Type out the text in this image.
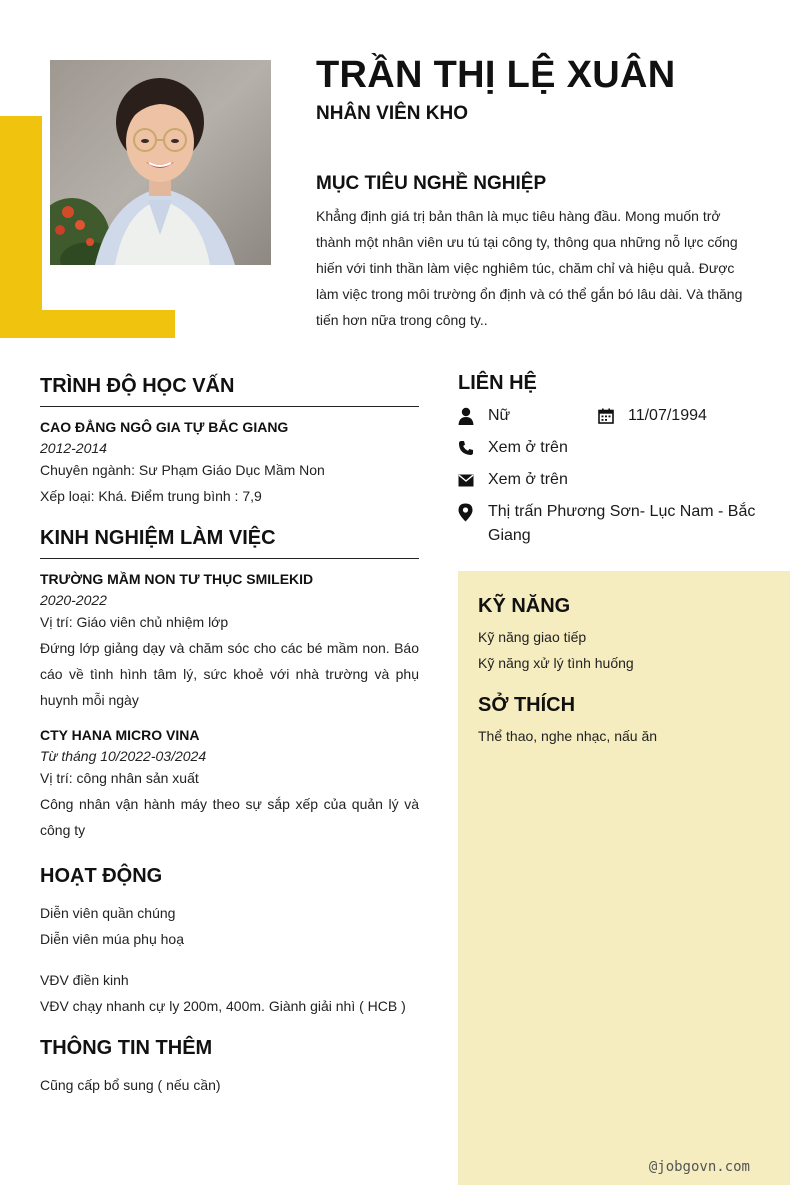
TRẦN THỊ LỆ XUÂN
NHÂN VIÊN KHO
MỤC TIÊU NGHỀ NGHIỆP
Khẳng định giá trị bản thân là mục tiêu hàng đầu. Mong muốn trở thành một nhân viên ưu tú tại công ty, thông qua những nỗ lực cống hiến với tinh thần làm việc nghiêm túc, chăm chỉ và hiệu quả. Được làm việc trong môi trường ổn định và có thể gắn bó lâu dài. Và thăng tiến hơn nữa trong công ty..
TRÌNH ĐỘ HỌC VẤN
CAO ĐẲNG NGÔ GIA TỰ BẮC GIANG
2012-2014
Chuyên ngành: Sư Phạm Giáo Dục Mầm Non
Xếp loại: Khá. Điểm trung bình : 7,9
KINH NGHIỆM LÀM VIỆC
TRƯỜNG MẦM NON TƯ THỤC SMILEKID
2020-2022
Vị trí: Giáo viên chủ nhiệm lớp
Đứng lớp giảng dạy và chăm sóc cho các bé mầm non. Báo cáo về tình hình tâm lý, sức khoẻ với nhà trường và phụ huynh mỗi ngày
CTY HANA MICRO VINA
Từ tháng 10/2022-03/2024
Vị trí: công nhân sản xuất
Công nhân vận hành máy theo sự sắp xếp của quản lý và công ty
HOẠT ĐỘNG
Diễn viên quần chúng
Diễn viên múa phụ hoạ
VĐV điền kinh
VĐV chạy nhanh cự ly 200m, 400m. Giành giải nhì ( HCB )
THÔNG TIN THÊM
Cũng cấp bổ sung ( nếu cần)
LIÊN HỆ
Nữ	11/07/1994
Xem ở trên
Xem ở trên
Thị trấn Phương Sơn- Lục Nam - Bắc Giang
KỸ NĂNG
Kỹ năng giao tiếp
Kỹ năng xử lý tình huống
SỞ THÍCH
Thể thao, nghe nhạc, nấu ăn
@jobgovn.com
